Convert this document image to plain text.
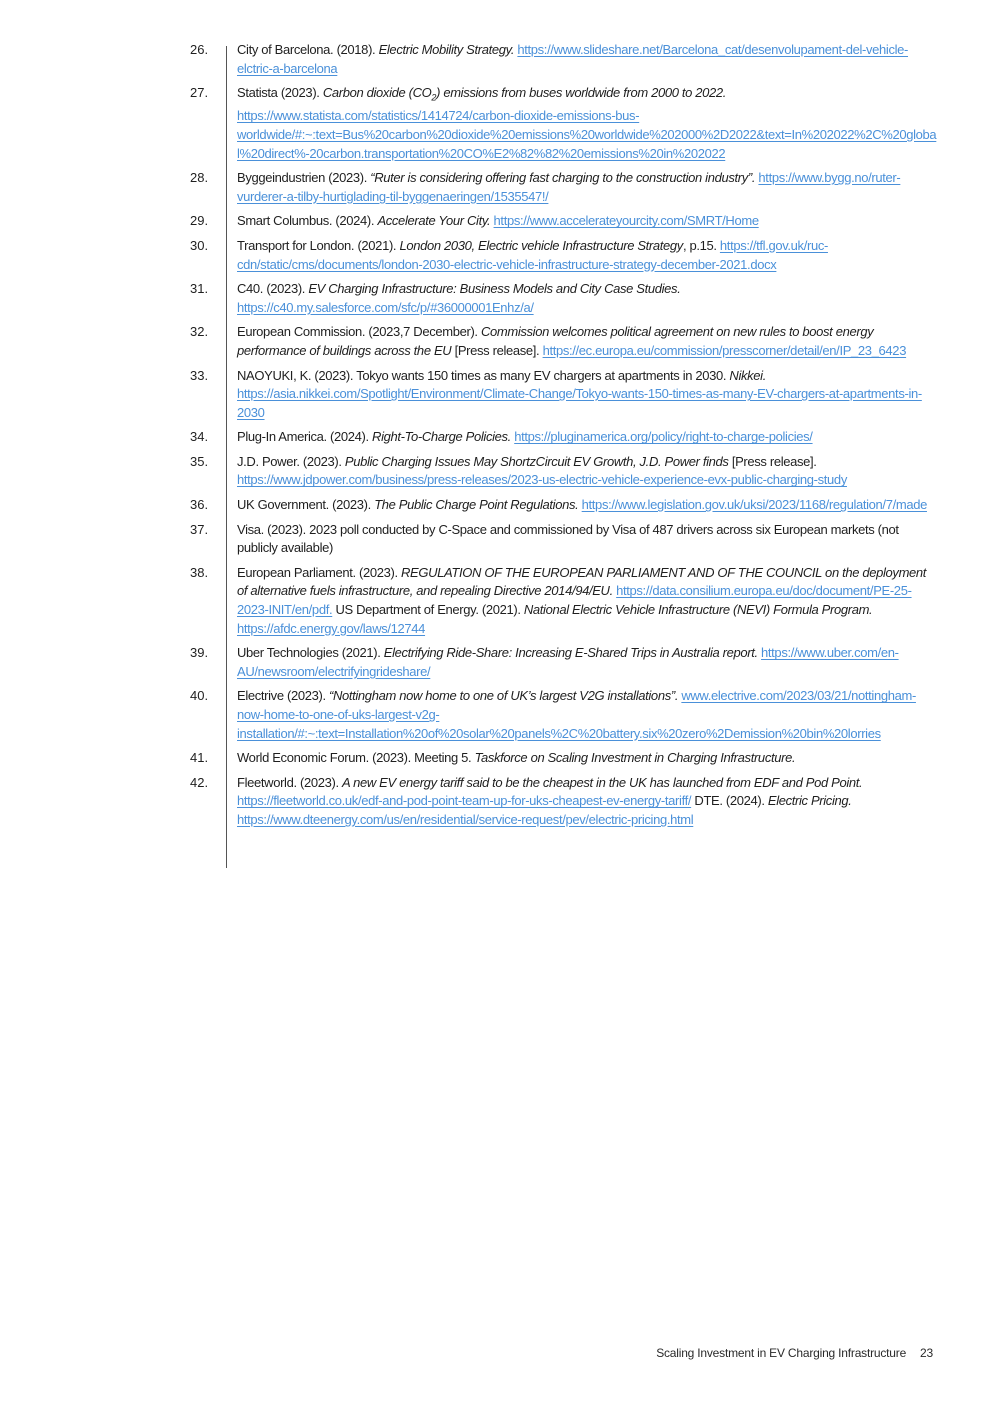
26.	City of Barcelona. (2018). Electric Mobility Strategy. https://www.slideshare.net/Barcelona_cat/desenvolupament-del-vehicle-elctric-a-barcelona
27.	Statista (2023). Carbon dioxide $(CO_2)$ emissions from buses worldwide from 2000 to 2022.
https://www.statista.com/statistics/1414724/carbon-dioxide-emissions-bus-worldwide/#:~:text=Bus%20carbon%20dioxide%20emissions%20worldwide%202000%2D2022&text=In%202022%2C%20global%20direct%-20carbon.transportation%20CO%E2%82%82%20emissions%20in%202022
28.	Byggeindustrien (2023). “Ruter is considering offering fast charging to the construction industry”. https://www.bygg.no/ruter-vurderer-a-tilby-hurtiglading-til-byggenaeringen/1535547!/
29.	Smart Columbus. (2024). Accelerate Your City. https://www.accelerateyourcity.com/SMRT/Home
30.	Transport for London. (2021). London 2030, Electric vehicle Infrastructure Strategy, p.15. https://tfl.gov.uk/ruc-cdn/static/cms/documents/london-2030-electric-vehicle-infrastructure-strategy-december-2021.docx
31.	C40. (2023). EV Charging Infrastructure: Business Models and City Case Studies. https://c40.my.salesforce.com/sfc/p/#36000001Enhz/a/
32.	European Commission. (2023,7 December). Commission welcomes political agreement on new rules to boost energy performance of buildings across the EU [Press release]. https://ec.europa.eu/commission/presscorner/detail/en/IP_23_6423
33.	NAOYUKI, K. (2023). Tokyo wants 150 times as many EV chargers at apartments in 2030. Nikkei.
https://asia.nikkei.com/Spotlight/Environment/Climate-Change/Tokyo-wants-150-times-as-many-EV-chargers-at-apartments-in-2030
34.	Plug-In America. (2024). Right-To-Charge Policies. https://pluginamerica.org/policy/right-to-charge-policies/
35.	J.D. Power. (2023). Public Charging Issues May ShortzCircuit EV Growth, J.D. Power finds [Press release].
https://www.jdpower.com/business/press-releases/2023-us-electric-vehicle-experience-evx-public-charging-study
36.	UK Government. (2023). The Public Charge Point Regulations. https://www.legislation.gov.uk/uksi/2023/1168/regulation/7/made
37.	Visa. (2023). 2023 poll conducted by C-Space and commissioned by Visa of 487 drivers across six European markets (not publicly available)
38.	European Parliament. (2023). REGULATION OF THE EUROPEAN PARLIAMENT AND OF THE COUNCIL on the deployment of alternative fuels infrastructure, and repealing Directive 2014/94/EU. https://data.consilium.europa.eu/doc/document/PE-25-2023-INIT/en/pdf. US Department of Energy. (2021). National Electric Vehicle Infrastructure (NEVI) Formula Program. https://afdc.energy.gov/laws/12744
39.	Uber Technologies (2021). Electrifying Ride-Share: Increasing E-Shared Trips in Australia report. https://www.uber.com/en-AU/newsroom/electrifyingrideshare/
40.	Electrive (2023). “Nottingham now home to one of UK’s largest V2G installations”. www.electrive.com/2023/03/21/nottingham-now-home-to-one-of-uks-largest-v2g-installation/#:~:text=Installation%20of%20solar%20panels%2C%20battery.six%20zero%2Demission%20bin%20lorries
41.	World Economic Forum. (2023). Meeting 5. Taskforce on Scaling Investment in Charging Infrastructure.
42.	Fleetworld. (2023). A new EV energy tariff said to be the cheapest in the UK has launched from EDF and Pod Point.
https://fleetworld.co.uk/edf-and-pod-point-team-up-for-uks-cheapest-ev-energy-tariff/ DTE. (2024). Electric Pricing.
https://www.dteenergy.com/us/en/residential/service-request/pev/electric-pricing.html
Scaling Investment in EV Charging Infrastructure 23
